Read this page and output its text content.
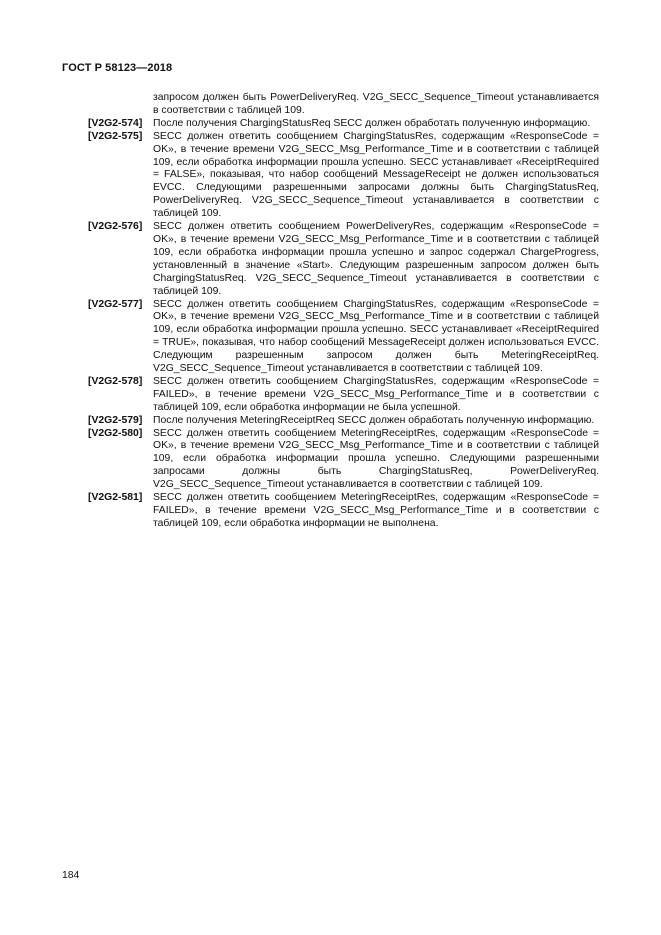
ГОСТ Р 58123—2018
запросом должен быть PowerDeliveryReq. V2G_SECC_Sequence_Timeout устанавливается в соответствии с таблицей 109.
[V2G2-574]	После получения ChargingStatusReq SECC должен обработать полученную информацию.
[V2G2-575]	SECC должен ответить сообщением ChargingStatusRes, содержащим «ResponseCode = OK», в течение времени V2G_SECC_Msg_Performance_Time и в соответствии с таблицей 109, если обработка информации прошла успешно. SECC устанавливает «ReceiptRequired = FALSE», показывая, что набор сообщений MessageReceipt не должен использоваться EVCC. Следующими разрешенными запросами должны быть ChargingStatusReq, PowerDeliveryReq. V2G_SECC_Sequence_Timeout устанавливается в соответствии с таблицей 109.
[V2G2-576]	SECC должен ответить сообщением PowerDeliveryRes, содержащим «ResponseCode = OK», в течение времени V2G_SECC_Msg_Performance_Time и в соответствии с таблицей 109, если обработка информации прошла успешно и запрос содержал ChargeProgress, установленный в значение «Start». Следующим разрешенным запросом должен быть ChargingStatusReq. V2G_SECC_Sequence_Timeout устанавливается в соответствии с таблицей 109.
[V2G2-577]	SECC должен ответить сообщением ChargingStatusRes, содержащим «ResponseCode = OK», в течение времени V2G_SECC_Msg_Performance_Time и в соответствии с таблицей 109, если обработка информации прошла успешно. SECC устанавливает «ReceiptRequired = TRUE», показывая, что набор сообщений MessageReceipt должен использоваться EVCC. Следующим разрешенным запросом должен быть MeteringReceiptReq. V2G_SECC_Sequence_Timeout устанавливается в соответствии с таблицей 109.
[V2G2-578]	SECC должен ответить сообщением ChargingStatusRes, содержащим «ResponseCode = FAILED», в течение времени V2G_SECC_Msg_Performance_Time и в соответствии с таблицей 109, если обработка информации не была успешной.
[V2G2-579]	После получения MeteringReceiptReq SECC должен обработать полученную информацию.
[V2G2-580]	SECC должен ответить сообщением MeteringReceiptRes, содержащим «ResponseCode = OK», в течение времени V2G_SECC_Msg_Performance_Time и в соответствии с таблицей 109, если обработка информации прошла успешно. Следующими разрешенными запросами должны быть ChargingStatusReq, PowerDeliveryReq. V2G_SECC_Sequence_Timeout устанавливается в соответствии с таблицей 109.
[V2G2-581]	SECC должен ответить сообщением MeteringReceiptRes, содержащим «ResponseCode = FAILED», в течение времени V2G_SECC_Msg_Performance_Time и в соответствии с таблицей 109, если обработка информации не выполнена.
184
